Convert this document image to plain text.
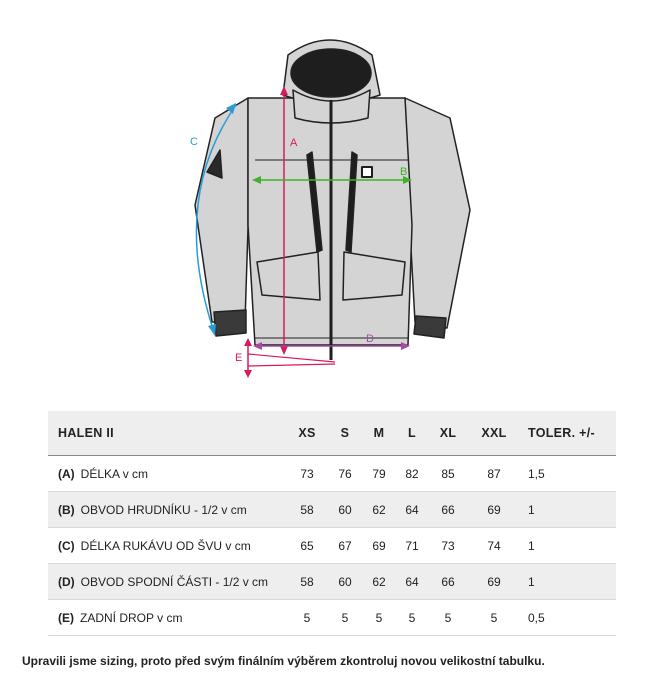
A
B
C
D
E
HALEN II	XS	S	M	L	XL	XXL	TOLER. +/-
(A) DÉLKA v cm	73	76	79	82	85	87	1,5
(B) OBVOD HRUDNÍKU - 1/2 v cm	58	60	62	64	66	69	1
(C) DÉLKA RUKÁVU OD ŠVU v cm	65	67	69	71	73	74	1
(D) OBVOD SPODNÍ ČÁSTI - 1/2 v cm	58	60	62	64	66	69	1
(E) ZADNÍ DROP v cm	5	5	5	5	5	5	0,5
Upravili jsme sizing, proto před svým finálním výběrem zkontroluj novou velikostní tabulku.
